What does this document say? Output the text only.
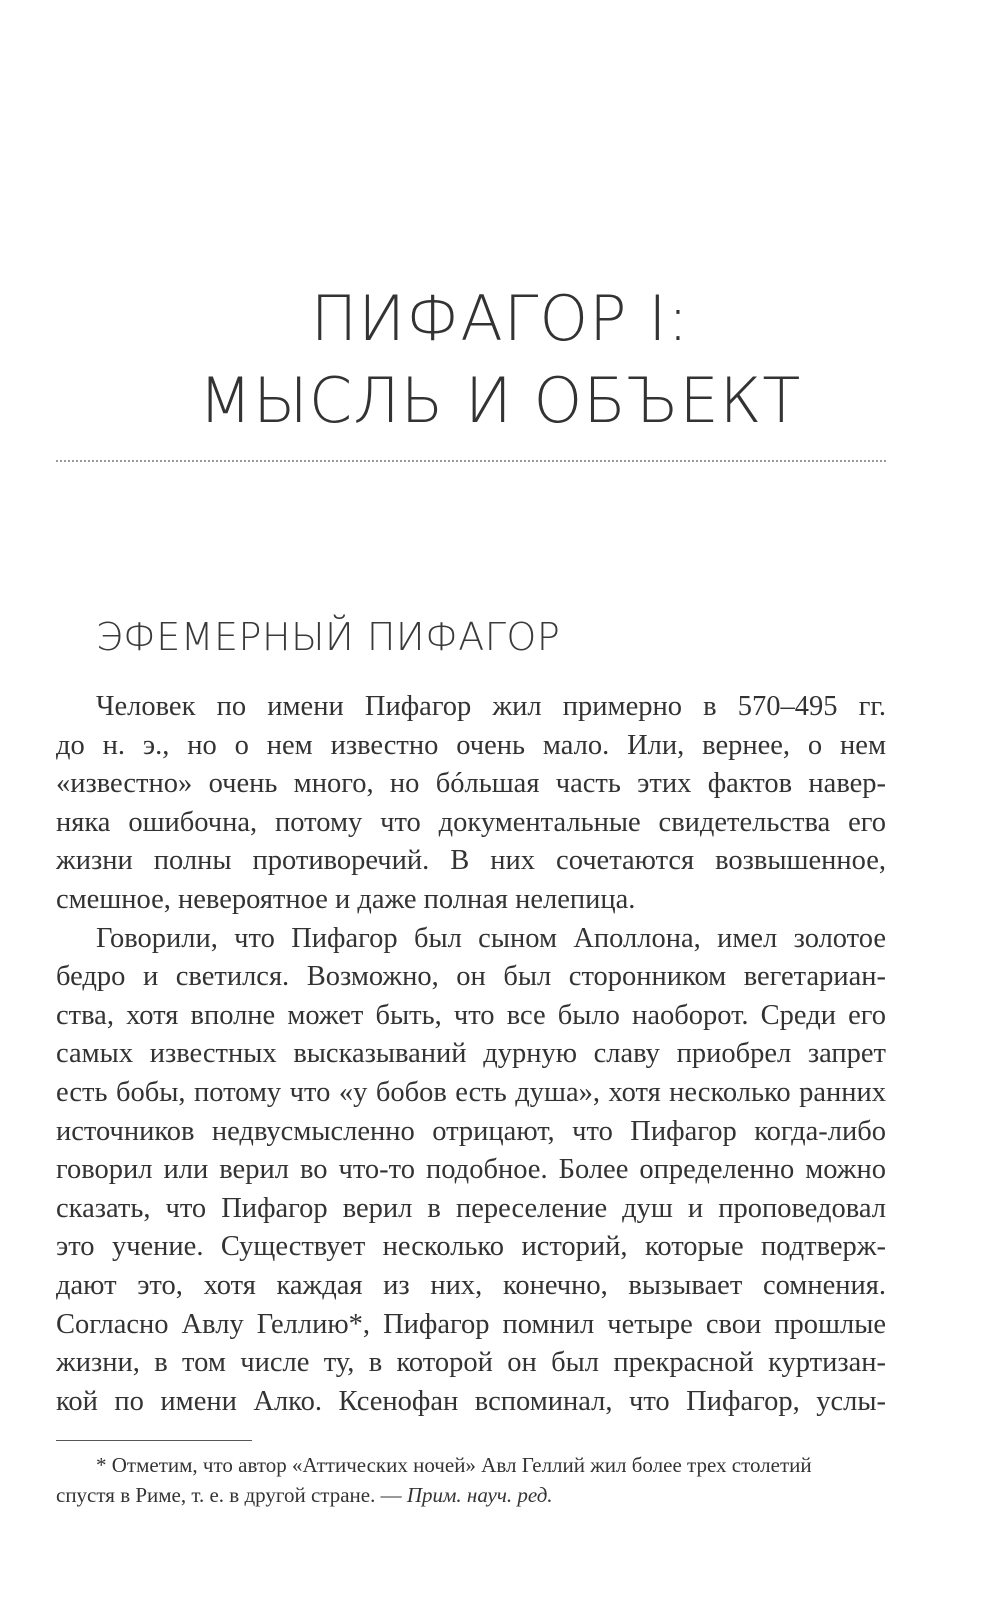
ПИФАГОР I:
МЫСЛЬ И ОБЪЕКТ
ЭФЕМЕРНЫЙ ПИФАГОР
Человек по имени Пифагор жил примерно в 570–495 гг.
до н. э., но о нем известно очень мало. Или, вернее, о нем
«известно» очень много, но бóльшая часть этих фактов навер-
няка ошибочна, потому что документальные свидетельства его
жизни полны противоречий. В них сочетаются возвышенное,
смешное, невероятное и даже полная нелепица.
Говорили, что Пифагор был сыном Аполлона, имел золотое
бедро и светился. Возможно, он был сторонником вегетариан-
ства, хотя вполне может быть, что все было наоборот. Среди его
самых известных высказываний дурную славу приобрел запрет
есть бобы, потому что «у бобов есть душа», хотя несколько ранних
источников недвусмысленно отрицают, что Пифагор когда-либо
говорил или верил во что-то подобное. Более определенно можно
сказать, что Пифагор верил в переселение душ и проповедовал
это учение. Существует несколько историй, которые подтверж-
дают это, хотя каждая из них, конечно, вызывает сомнения.
Согласно Авлу Геллию*, Пифагор помнил четыре свои прошлые
жизни, в том числе ту, в которой он был прекрасной куртизан-
кой по имени Алко. Ксенофан вспоминал, что Пифагор, услы-
* Отметим, что автор «Аттических ночей» Авл Геллий жил более трех столетий
спустя в Риме, т. е. в другой стране. — Прим. науч. ред.
